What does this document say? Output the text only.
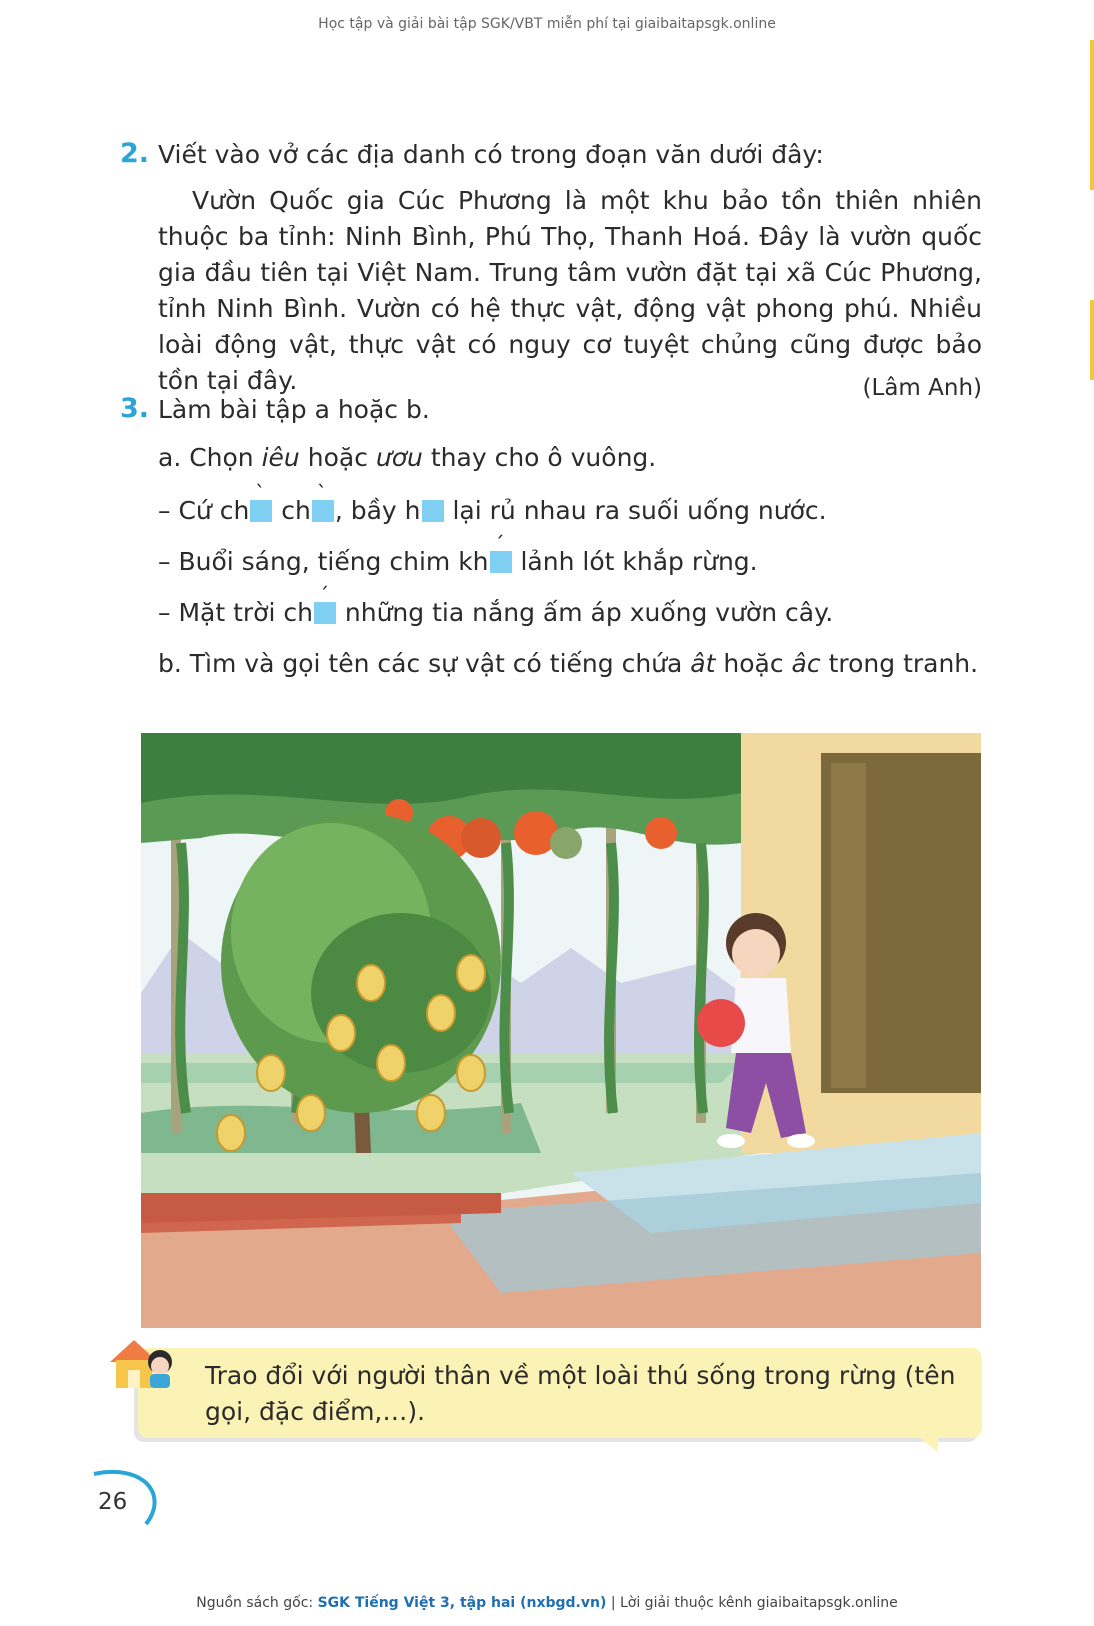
Học tập và giải bài tập SGK/VBT miễn phí tại giaibaitapsgk.online
2. Viết vào vở các địa danh có trong đoạn văn dưới đây:

Vườn Quốc gia Cúc Phương là một khu bảo tồn thiên nhiên thuộc ba tỉnh: Ninh Bình, Phú Thọ, Thanh Hoá. Đây là vườn quốc gia đầu tiên tại Việt Nam. Trung tâm vườn đặt tại xã Cúc Phương, tỉnh Ninh Bình. Vườn có hệ thực vật, động vật phong phú. Nhiều loài động vật, thực vật có nguy cơ tuyệt chủng cũng được bảo tồn tại đây.	(Lâm Anh)
3. Làm bài tập a hoặc b.
a. Chọn iêu hoặc ươu thay cho ô vuông.
– Cứ ch
`
ch
`
, bầy h lại rủ nhau ra suối uống nước.
– Buổi sáng, tiếng chim kh
´
lảnh lót khắp rừng.
– Mặt trời ch
´
những tia nắng ấm áp xuống vườn cây.
b. Tìm và gọi tên các sự vật có tiếng chứa ât hoặc âc trong tranh.
Trao đổi với người thân về một loài thú sống trong rừng (tên gọi, đặc điểm,…).
26
Nguồn sách gốc: SGK Tiếng Việt 3, tập hai (nxbgd.vn) | Lời giải thuộc kênh giaibaitapsgk.online
